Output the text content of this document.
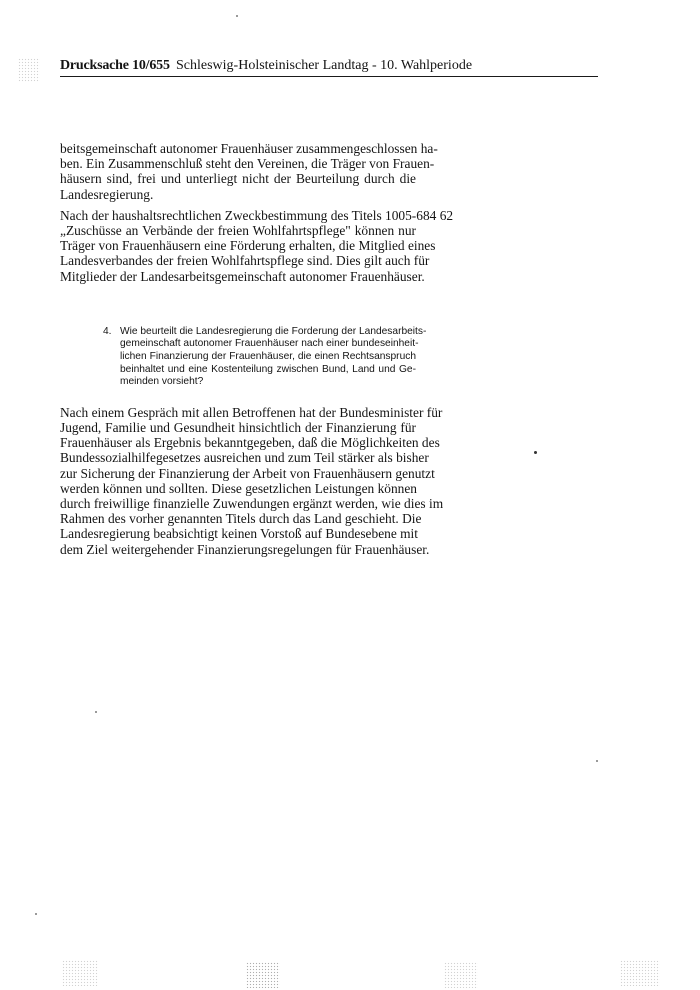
Drucksache 10/655 Schleswig-Holsteinischer Landtag - 10. Wahlperiode

beitsgemeinschaft autonomer Frauenhäuser zusammengeschlossen ha-
ben. Ein Zusammenschluß steht den Vereinen, die Träger von Frauen-
häusern sind, frei und unterliegt nicht der Beurteilung durch die
Landesregierung.

Nach der haushaltsrechtlichen Zweckbestimmung des Titels 1005-684 62
„Zuschüsse an Verbände der freien Wohlfahrtspflege" können nur
Träger von Frauenhäusern eine Förderung erhalten, die Mitglied eines
Landesverbandes der freien Wohlfahrtspflege sind. Dies gilt auch für
Mitglieder der Landesarbeitsgemeinschaft autonomer Frauenhäuser.

4. Wie beurteilt die Landesregierung die Forderung der Landesarbeits-
gemeinschaft autonomer Frauenhäuser nach einer bundeseinheit-
lichen Finanzierung der Frauenhäuser, die einen Rechtsanspruch
beinhaltet und eine Kostenteilung zwischen Bund, Land und Ge-
meinden vorsieht?

Nach einem Gespräch mit allen Betroffenen hat der Bundesminister für
Jugend, Familie und Gesundheit hinsichtlich der Finanzierung für
Frauenhäuser als Ergebnis bekanntgegeben, daß die Möglichkeiten des
Bundessozialhilfegesetzes ausreichen und zum Teil stärker als bisher
zur Sicherung der Finanzierung der Arbeit von Frauenhäusern genutzt
werden können und sollten. Diese gesetzlichen Leistungen können
durch freiwillige finanzielle Zuwendungen ergänzt werden, wie dies im
Rahmen des vorher genannten Titels durch das Land geschieht. Die
Landesregierung beabsichtigt keinen Vorstoß auf Bundesebene mit
dem Ziel weitergehender Finanzierungsregelungen für Frauenhäuser.
